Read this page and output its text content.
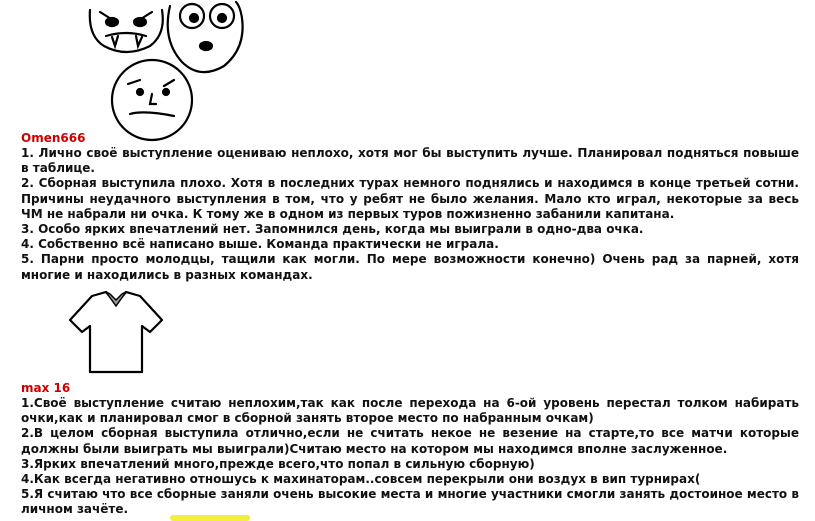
Omen666

1. Лично своё выступление оцениваю неплохо, хотя мог бы выступить лучше. Планировал подняться повыше в таблице.
2. Сборная выступила плохо. Хотя в последних турах немного поднялись и находимся в конце третьей сотни. Причины неудачного выступления в том, что у ребят не было желания. Мало кто играл, некоторые за весь ЧМ не набрали ни очка. К тому же в одном из первых туров пожизненно забанили капитана.
3. Особо ярких впечатлений нет. Запомнился день, когда мы выиграли в одно-два очка.
4. Собственно всё написано выше. Команда практически не играла.
5. Парни просто молодцы, тащили как могли. По мере возможности конечно) Очень рад за парней, хотя многие и находились в разных командах.

max 16

1.Своё выступление считаю неплохим,так как после перехода на 6-ой уровень перестал толком набирать очки,как и планировал смог в сборной занять второе место по набранным очкам)
2.В целом сборная выступила отлично,если не считать некое не везение на старте,то все матчи которые должны были выиграть мы выиграли)Считаю место на котором мы находимся вполне заслуженное.
3.Ярких впечатлений много,прежде всего,что попал в сильную сборную)
4.Как всегда негативно отношусь к махинаторам..совсем перекрыли они воздух в вип турнирах(
5.Я считаю что все сборные заняли очень высокие места и многие участники смогли занять достоиное место в личном зачёте.
